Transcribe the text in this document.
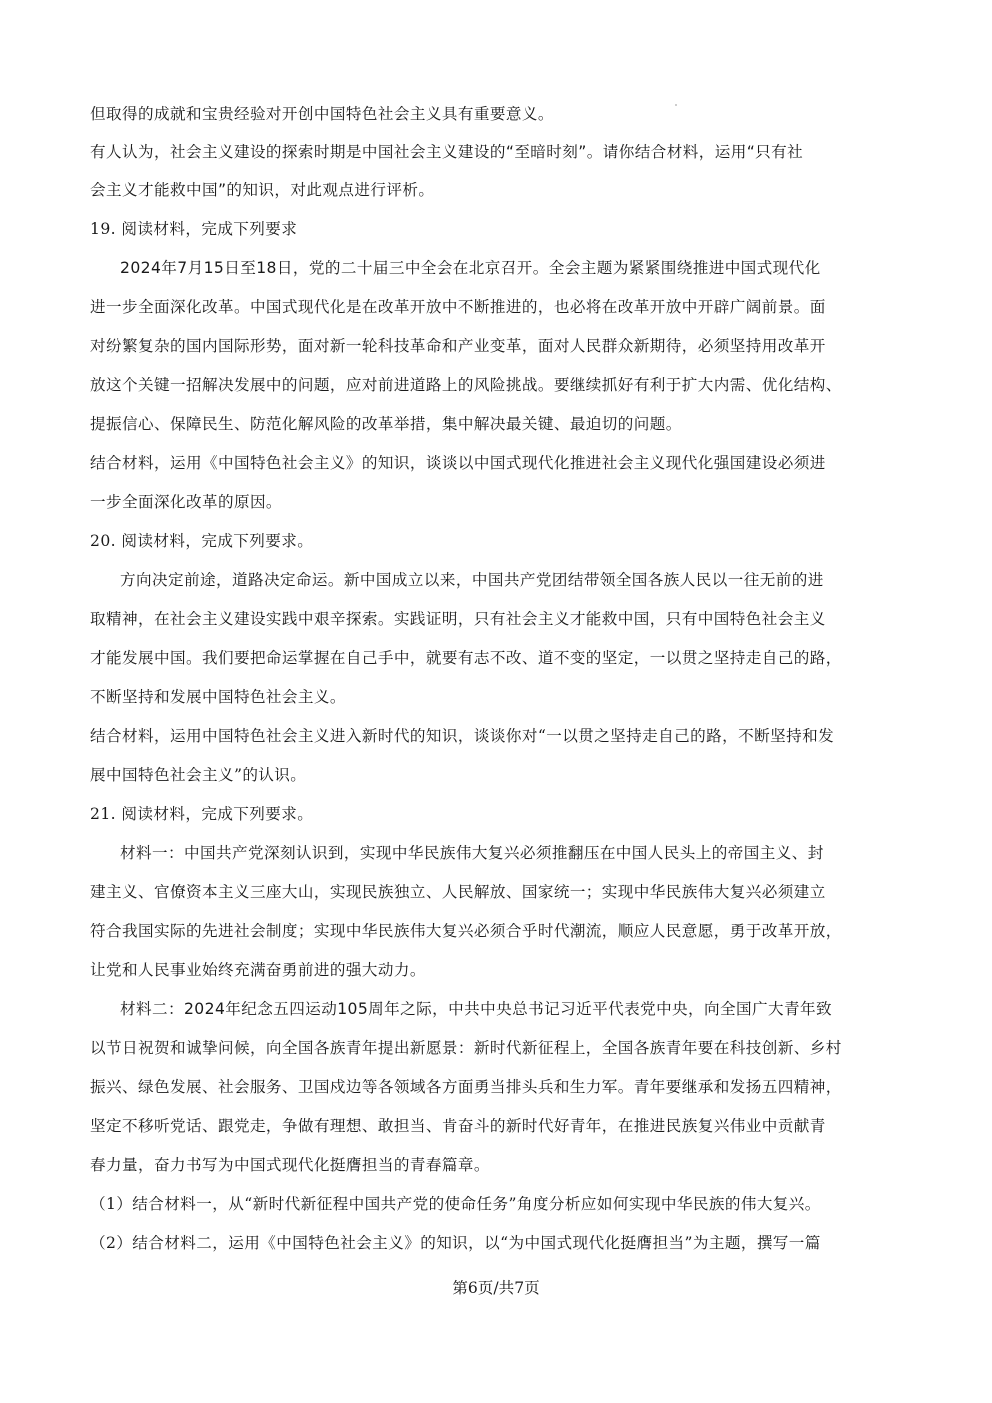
但取得的成就和宝贵经验对开创中国特色社会主义具有重要意义。
有人认为，社会主义建设的探索时期是中国社会主义建设的“至暗时刻”。请你结合材料，运用“只有社
会主义才能救中国”的知识，对此观点进行评析。
19. 阅读材料，完成下列要求
2024年7月15日至18日，党的二十届三中全会在北京召开。全会主题为紧紧围绕推进中国式现代化
进一步全面深化改革。中国式现代化是在改革开放中不断推进的，也必将在改革开放中开辟广阔前景。面
对纷繁复杂的国内国际形势，面对新一轮科技革命和产业变革，面对人民群众新期待，必须坚持用改革开
放这个关键一招解决发展中的问题，应对前进道路上的风险挑战。要继续抓好有利于扩大内需、优化结构、
提振信心、保障民生、防范化解风险的改革举措，集中解决最关键、最迫切的问题。
结合材料，运用《中国特色社会主义》的知识，谈谈以中国式现代化推进社会主义现代化强国建设必须进
一步全面深化改革的原因。
20. 阅读材料，完成下列要求。
方向决定前途，道路决定命运。新中国成立以来，中国共产党团结带领全国各族人民以一往无前的进
取精神，在社会主义建设实践中艰辛探索。实践证明，只有社会主义才能救中国，只有中国特色社会主义
才能发展中国。我们要把命运掌握在自己手中，就要有志不改、道不变的坚定，一以贯之坚持走自己的路，
不断坚持和发展中国特色社会主义。
结合材料，运用中国特色社会主义进入新时代的知识，谈谈你对“一以贯之坚持走自己的路，不断坚持和发
展中国特色社会主义”的认识。
21. 阅读材料，完成下列要求。
材料一：中国共产党深刻认识到，实现中华民族伟大复兴必须推翻压在中国人民头上的帝国主义、封
建主义、官僚资本主义三座大山，实现民族独立、人民解放、国家统一；实现中华民族伟大复兴必须建立
符合我国实际的先进社会制度；实现中华民族伟大复兴必须合乎时代潮流，顺应人民意愿，勇于改革开放，
让党和人民事业始终充满奋勇前进的强大动力。
材料二：2024年纪念五四运动105周年之际，中共中央总书记习近平代表党中央，向全国广大青年致
以节日祝贺和诚挚问候，向全国各族青年提出新愿景：新时代新征程上，全国各族青年要在科技创新、乡村
振兴、绿色发展、社会服务、卫国戍边等各领域各方面勇当排头兵和生力军。青年要继承和发扬五四精神，
坚定不移听党话、跟党走，争做有理想、敢担当、肯奋斗的新时代好青年，在推进民族复兴伟业中贡献青
春力量，奋力书写为中国式现代化挺膺担当的青春篇章。
（1）结合材料一，从“新时代新征程中国共产党的使命任务”角度分析应如何实现中华民族的伟大复兴。
（2）结合材料二，运用《中国特色社会主义》的知识，以“为中国式现代化挺膺担当”为主题，撰写一篇
第6页/共7页
